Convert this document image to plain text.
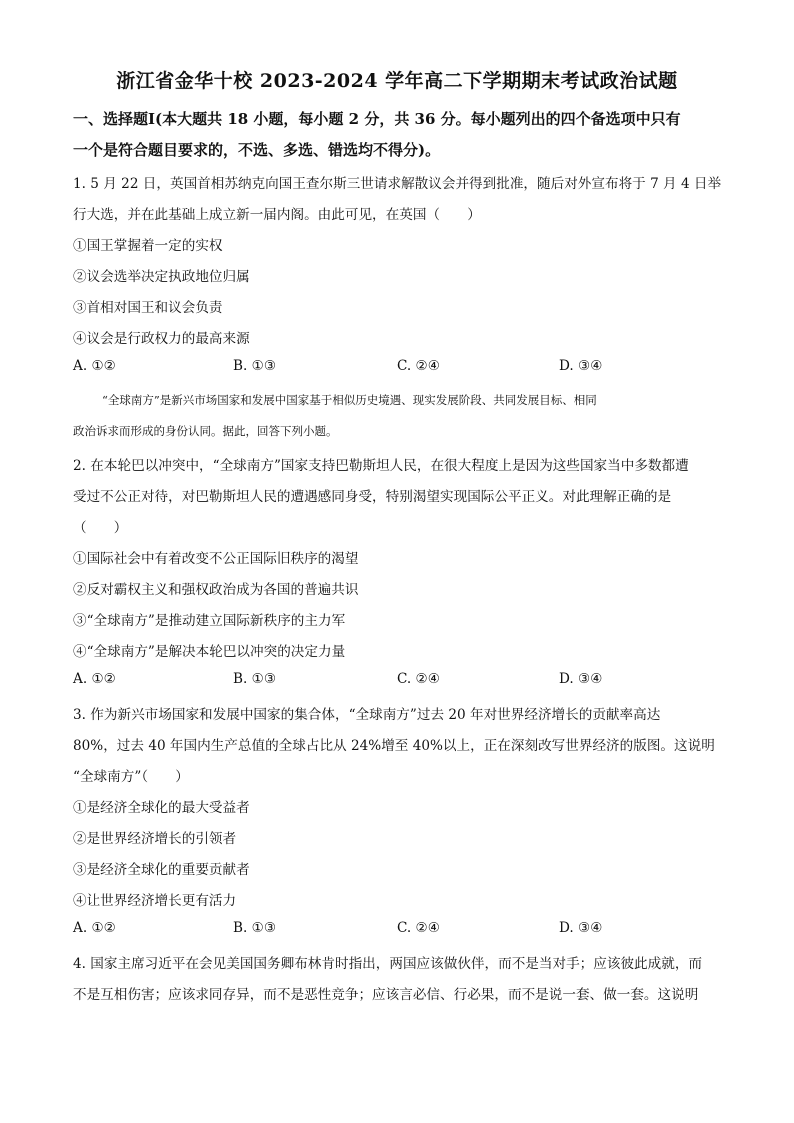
浙江省金华十校 2023-2024 学年高二下学期期末考试政治试题
一、选择题Ⅰ(本大题共 18 小题，每小题 2 分，共 36 分。每小题列出的四个备选项中只有
一个是符合题目要求的，不选、多选、错选均不得分)。
1. 5 月 22 日，英国首相苏纳克向国王查尔斯三世请求解散议会并得到批准，随后对外宣布将于 7 月 4 日举
行大选，并在此基础上成立新一届内阁。由此可见，在英国（　　）
①国王掌握着一定的实权
②议会选举决定执政地位归属
③首相对国王和议会负责
④议会是行政权力的最高来源
A. ①②	B. ①③	C. ②④	D. ③④
“全球南方”是新兴市场国家和发展中国家基于相似历史境遇、现实发展阶段、共同发展目标、相同
政治诉求而形成的身份认同。据此，回答下列小题。
2. 在本轮巴以冲突中，“全球南方”国家支持巴勒斯坦人民，在很大程度上是因为这些国家当中多数都遭
受过不公正对待，对巴勒斯坦人民的遭遇感同身受，特别渴望实现国际公平正义。对此理解正确的是
（　　）
①国际社会中有着改变不公正国际旧秩序的渴望
②反对霸权主义和强权政治成为各国的普遍共识
③“全球南方”是推动建立国际新秩序的主力军
④“全球南方”是解决本轮巴以冲突的决定力量
A. ①②	B. ①③	C. ②④	D. ③④
3. 作为新兴市场国家和发展中国家的集合体，“全球南方”过去 20 年对世界经济增长的贡献率高达
80%，过去 40 年国内生产总值的全球占比从 24%增至 40%以上，正在深刻改写世界经济的版图。这说明
“全球南方”（　　）
①是经济全球化的最大受益者
②是世界经济增长的引领者
③是经济全球化的重要贡献者
④让世界经济增长更有活力
A. ①②	B. ①③	C. ②④	D. ③④
4. 国家主席习近平在会见美国国务卿布林肯时指出，两国应该做伙伴，而不是当对手；应该彼此成就，而
不是互相伤害；应该求同存异，而不是恶性竞争；应该言必信、行必果，而不是说一套、做一套。这说明
